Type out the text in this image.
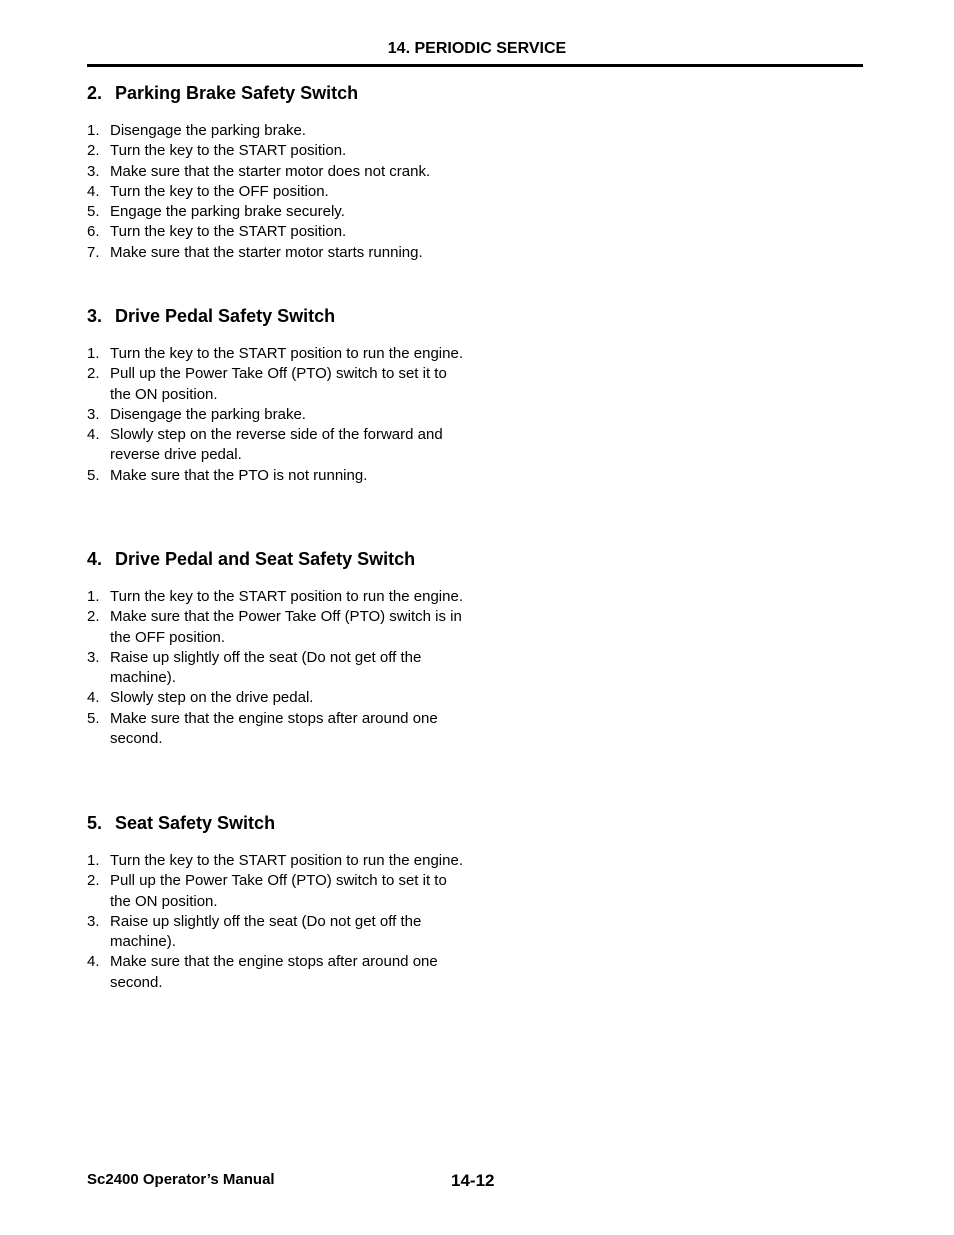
14. PERIODIC SERVICE
2. Parking Brake Safety Switch
1. Disengage the parking brake.
2. Turn the key to the START position.
3. Make sure that the starter motor does not crank.
4. Turn the key to the OFF position.
5. Engage the parking brake securely.
6. Turn the key to the START position.
7. Make sure that the starter motor starts running.
3. Drive Pedal Safety Switch
1. Turn the key to the START position to run the engine.
2. Pull up the Power Take Off (PTO) switch to set it to the ON position.
3. Disengage the parking brake.
4. Slowly step on the reverse side of the forward and reverse drive pedal.
5. Make sure that the PTO is not running.
4. Drive Pedal and Seat Safety Switch
1. Turn the key to the START position to run the engine.
2. Make sure that the Power Take Off (PTO) switch is in the OFF position.
3. Raise up slightly off the seat (Do not get off the machine).
4. Slowly step on the drive pedal.
5. Make sure that the engine stops after around one second.
5. Seat Safety Switch
1. Turn the key to the START position to run the engine.
2. Pull up the Power Take Off (PTO) switch to set it to the ON position.
3. Raise up slightly off the seat (Do not get off the machine).
4. Make sure that the engine stops after around one second.
Sc2400 Operator’s Manual	14-12
